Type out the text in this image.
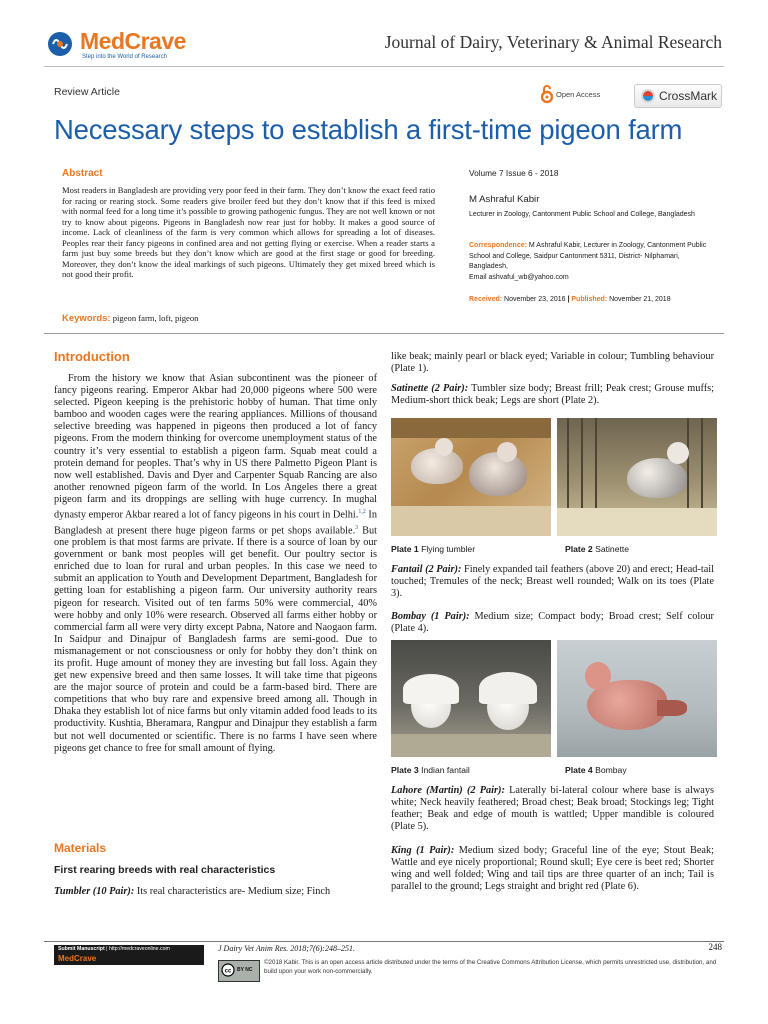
MedCrave
Step into the World of Research
Journal of Dairy, Veterinary & Animal Research
Review Article	Open Access	CrossMark
Necessary steps to establish a first-time pigeon farm
Abstract

Most readers in Bangladesh are providing very poor feed in their farm. They don’t know the exact feed ratio for racing or rearing stock. Some readers give broiler feed but they don’t know that if this feed is mixed with normal feed for a long time it’s possible to growing pathogenic fungus. They are not well known or not try to know about pigeons. Pigeons in Bangladesh now rear just for hobby. It makes a good source of income. Lack of cleanliness of the farm is very common which allows for spreading a lot of diseases. Peoples rear their fancy pigeons in confined area and not getting flying or exercise. When a reader starts a farm just buy some breeds but they don’t know which are good at the first stage or good for breeding. Moreover, they don’t know the ideal markings of such pigeons. Ultimately they get mixed breed which is not good their profit.

Keywords: pigeon farm, loft, pigeon
Volume 7 Issue 6 - 2018
M Ashraful Kabir

Lecturer in Zoology, Cantonment Public School and College, Bangladesh

Correspondence: M Ashraful Kabir, Lecturer in Zoology, Cantonment Public School and College, Saidpur Cantonment 5311, District- Nilphamari, Bangladesh,
Email ashvaful_wb@yahoo.com
Received: November 23, 2016 | Published: November 21, 2018
Introduction

From the history we know that Asian subcontinent was the pioneer of fancy pigeons rearing. Emperor Akbar had 20,000 pigeons where 500 were selected. Pigeon keeping is the prehistoric hobby of human. That time only bamboo and wooden cages were the rearing appliances. Millions of thousand selective breeding was happened in pigeons then produced a lot of fancy pigeons. From the modern thinking for overcome unemployment status of the country it’s very essential to establish a pigeon farm. Squab meat could a protein demand for peoples. That’s why in US there Palmetto Pigeon Plant is now well established. Davis and Dyer and Carpenter Squab Rancing are also another renowned pigeon farm of the world. In Los Angeles there a great pigeon farm and its droppings are selling with huge currency. In mughal dynasty emperor Akbar reared a lot of fancy pigeons in his court in Delhi.$^{1,2}$ In Bangladesh at present there huge pigeon farms or pet shops available.$^3$ But one problem is that most farms are private. If there is a source of loan by our government or bank most peoples will get benefit. Our poultry sector is enriched due to loan for rural and urban peoples. In this case we need to submit an application to Youth and Development Department, Bangladesh for getting loan for establishing a pigeon farm. Our university authority rears pigeon for research. Visited out of ten farms 50% were commercial, 40% were hobby and only 10% were research. Observed all farms either hobby or commercial farm all were very dirty except Pabna, Natore and Naogaon farm. In Saidpur and Dinajpur of Bangladesh farms are semi-good. Due to mismanagement or not consciousness or only for hobby they don’t think on its profit. Huge amount of money they are investing but fall loss. Again they get new expensive breed and then same losses. It will take time that pigeons are the major source of protein and could be a farm-based bird. There are competitions that who buy rare and expensive breed among all. Though in Dhaka they establish lot of nice farms but only vitamin added food leads to its productivity. Kushtia, Bheramara, Rangpur and Dinajpur they establish a farm but not well documented or scientific. There is no farms I have seen where pigeons get chance to free for small amount of flying.

Materials
First rearing breeds with real characteristics

Tumbler (10 Pair): Its real characteristics are- Medium size; Finch

like beak; mainly pearl or black eyed; Variable in colour; Tumbling behaviour (Plate 1).

Satinette (2 Pair): Tumbler size body; Breast frill; Peak crest; Grouse muffs; Medium-short thick beak; Legs are short (Plate 2).

Plate 1 Flying tumbler	Plate 2 Satinette

Fantail (2 Pair): Finely expanded tail feathers (above 20) and erect; Head-tail touched; Tremules of the neck; Breast well rounded; Walk on its toes (Plate 3).

Bombay (1 Pair): Medium size; Compact body; Broad crest; Self colour (Plate 4).

Plate 3 Indian fantail	Plate 4 Bombay

Lahore (Martin) (2 Pair): Laterally bi-lateral colour where base is always white; Neck heavily feathered; Broad chest; Beak broad; Stockings leg; Tight feather; Beak and edge of mouth is wattled; Upper mandible is coloured (Plate 5).

King (1 Pair): Medium sized body; Graceful line of the eye; Stout Beak; Wattle and eye nicely proportional; Round skull; Eye cere is beet red; Shorter wing and well folded; Wing and tail tips are three quarter of an inch; Tail is parallel to the ground; Legs straight and bright red (Plate 6).

Submit Manuscript | http://medcraveonline.com
MedCrave
J Dairy Vet Anim Res. 2018;7(6):248‒251.	248
cc BY NC

©2018 Kabir. This is an open access article distributed under the terms of the Creative Commons Attribution License, which permits unrestricted use, distribution, and build upon your work non-commercially.
